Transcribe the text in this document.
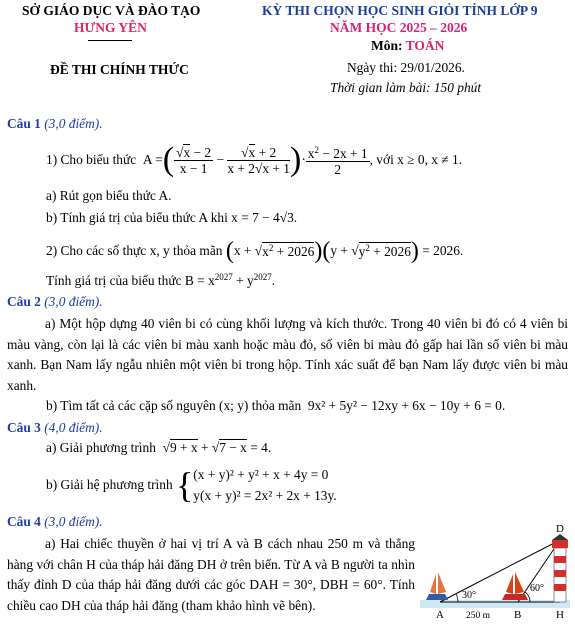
SỞ GIÁO DỤC VÀ ĐÀO TẠO
HƯNG YÊN
KỲ THI CHỌN HỌC SINH GIỎI TỈNH LỚP 9
NĂM HỌC 2025 – 2026
Môn: TOÁN
ĐỀ THI CHÍNH THỨC	Ngày thi: 29/01/2026.
Thời gian làm bài: 150 phút
Câu 1 (3,0 điểm).
1) Cho biểu thức
A = ( $\frac{√x - 2}{x - 1} - \frac{√x + 2}{x + 2√x + 1}$ ) · $\frac{x^2 - 2x + 1}{2}$ , với x ≥ 0, x ≠ 1.
a) Rút gọn biểu thức A.
b) Tính giá trị của biểu thức A khi x = 7 − 4√3.
2) Cho các số thực x, y thỏa mãn
( x + √ $x^2 + 2026$ ) ( y + √ $y^2 + 2026$ )
= 2026.
Tính giá trị của biểu thức $B = x^{2027} + y^{2027}$.
Câu 2 (3,0 điểm).
a) Một hộp dựng 40 viên bi có cùng khối lượng và kích thước. Trong 40 viên bi đó có 4 viên bi màu vàng, còn lại là các viên bi màu xanh hoặc màu đỏ, số viên bi màu đỏ gấp hai lần số viên bi màu xanh. Bạn Nam lấy ngẫu nhiên một viên bi trong hộp. Tính xác suất để bạn Nam lấy được viên bi màu xanh.
b) Tìm tất cả các cặp số nguyên (x; y) thỏa mãn 9x² + 5y² − 12xy + 6x − 10y + 6 = 0.
Câu 3 (4,0 điểm).
a) Giải phương trình  √9 + x + √7 − x = 4.
b) Giải hệ phương trình
{ (x + y)² + y² + x + 4y = 0
y(x + y)² = 2x² + 2x + 13y.
Câu 4 (3,0 điểm).
a) Hai chiếc thuyền ở hai vị trí A và B cách nhau 250 m và thẳng hàng với chân H của tháp hải đăng DH ở trên biển. Từ A và B người ta nhìn thấy đỉnh D của tháp hải đăng dưới các góc DAH = 30°, DBH = 60°. Tính chiều cao DH của tháp hải đăng (tham khảo hình vẽ bên).
30°
60°
D
A	B	H
250 m
